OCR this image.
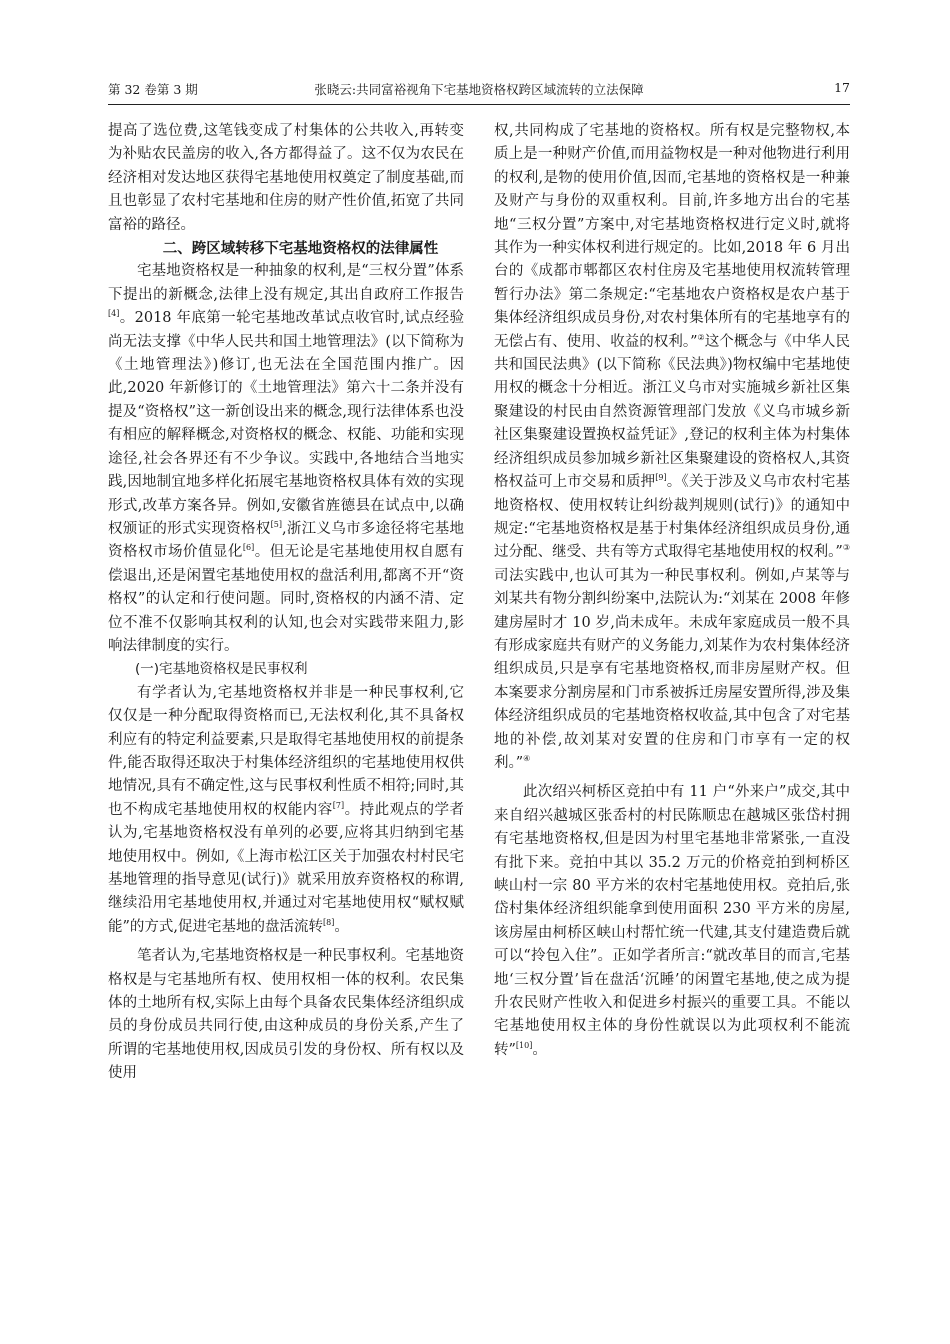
第 32 卷第 3 期	张晓云:共同富裕视角下宅基地资格权跨区域流转的立法保障	17

提高了选位费,这笔钱变成了村集体的公共收入,再转变为补贴农民盖房的收入,各方都得益了。这不仅为农民在经济相对发达地区获得宅基地使用权奠定了制度基础,而且也彰显了农村宅基地和住房的财产性价值,拓宽了共同富裕的路径。

二、跨区域转移下宅基地资格权的法律属性

宅基地资格权是一种抽象的权利,是“三权分置”体系下提出的新概念,法律上没有规定,其出自政府工作报告[4]。2018 年底第一轮宅基地改革试点收官时,试点经验尚无法支撑《中华人民共和国土地管理法》(以下简称为《土地管理法》)修订,也无法在全国范围内推广。因此,2020 年新修订的《土地管理法》第六十二条并没有提及“资格权”这一新创设出来的概念,现行法律体系也没有相应的解释概念,对资格权的概念、权能、功能和实现途径,社会各界还有不少争议。实践中,各地结合当地实践,因地制宜地多样化拓展宅基地资格权具体有效的实现形式,改革方案各异。例如,安徽省旌德县在试点中,以确权颁证的形式实现资格权[5],浙江义乌市多途径将宅基地资格权市场价值显化[6]。但无论是宅基地使用权自愿有偿退出,还是闲置宅基地使用权的盘活利用,都离不开“资格权”的认定和行使问题。同时,资格权的内涵不清、定位不准不仅影响其权利的认知,也会对实践带来阻力,影响法律制度的实行。

(一)宅基地资格权是民事权利

有学者认为,宅基地资格权并非是一种民事权利,它仅仅是一种分配取得资格而已,无法权利化,其不具备权利应有的特定利益要素,只是取得宅基地使用权的前提条件,能否取得还取决于村集体经济组织的宅基地使用权供地情况,具有不确定性,这与民事权利性质不相符;同时,其也不构成宅基地使用权的权能内容[7]。持此观点的学者认为,宅基地资格权没有单列的必要,应将其归纳到宅基地使用权中。例如,《上海市松江区关于加强农村村民宅基地管理的指导意见(试行)》就采用放弃资格权的称谓,继续沿用宅基地使用权,并通过对宅基地使用权“赋权赋能”的方式,促进宅基地的盘活流转[8]。

笔者认为,宅基地资格权是一种民事权利。宅基地资格权是与宅基地所有权、使用权相一体的权利。农民集体的土地所有权,实际上由每个具备农民集体经济组织成员的身份成员共同行使,由这种成员的身份关系,产生了所谓的宅基地使用权,因成员引发的身份权、所有权以及使用

权,共同构成了宅基地的资格权。所有权是完整物权,本质上是一种财产价值,而用益物权是一种对他物进行利用的权利,是物的使用价值,因而,宅基地的资格权是一种兼及财产与身份的双重权利。目前,许多地方出台的宅基地“三权分置”方案中,对宅基地资格权进行定义时,就将其作为一种实体权利进行规定的。比如,2018 年 6 月出台的《成都市郫都区农村住房及宅基地使用权流转管理暂行办法》第二条规定:“宅基地农户资格权是农户基于集体经济组织成员身份,对农村集体所有的宅基地享有的无偿占有、使用、收益的权利。”②这个概念与《中华人民共和国民法典》(以下简称《民法典》)物权编中宅基地使用权的概念十分相近。浙江义乌市对实施城乡新社区集聚建设的村民由自然资源管理部门发放《义乌市城乡新社区集聚建设置换权益凭证》,登记的权利主体为村集体经济组织成员参加城乡新社区集聚建设的资格权人,其资格权益可上市交易和质押[9]。《关于涉及义乌市农村宅基地资格权、使用权转让纠纷裁判规则(试行)》的通知中规定:“宅基地资格权是基于村集体经济组织成员身份,通过分配、继受、共有等方式取得宅基地使用权的权利。”③司法实践中,也认可其为一种民事权利。例如,卢某等与刘某共有物分割纠纷案中,法院认为:“刘某在 2008 年修建房屋时才 10 岁,尚未成年。未成年家庭成员一般不具有形成家庭共有财产的义务能力,刘某作为农村集体经济组织成员,只是享有宅基地资格权,而非房屋财产权。但本案要求分割房屋和门市系被拆迁房屋安置所得,涉及集体经济组织成员的宅基地资格权收益,其中包含了对宅基地的补偿,故刘某对安置的住房和门市享有一定的权利。”④

此次绍兴柯桥区竞拍中有 11 户“外来户”成交,其中来自绍兴越城区张岙村的村民陈顺忠在越城区张岱村拥有宅基地资格权,但是因为村里宅基地非常紧张,一直没有批下来。竞拍中其以 35.2 万元的价格竞拍到柯桥区峡山村一宗 80 平方米的农村宅基地使用权。竞拍后,张岱村集体经济组织能拿到使用面积 230 平方米的房屋,该房屋由柯桥区峡山村帮忙统一代建,其支付建造费后就可以“拎包入住”。正如学者所言:“就改革目的而言,宅基地‘三权分置’旨在盘活‘沉睡’的闲置宅基地,使之成为提升农民财产性收入和促进乡村振兴的重要工具。不能以宅基地使用权主体的身份性就误以为此项权利不能流转”[10]。
